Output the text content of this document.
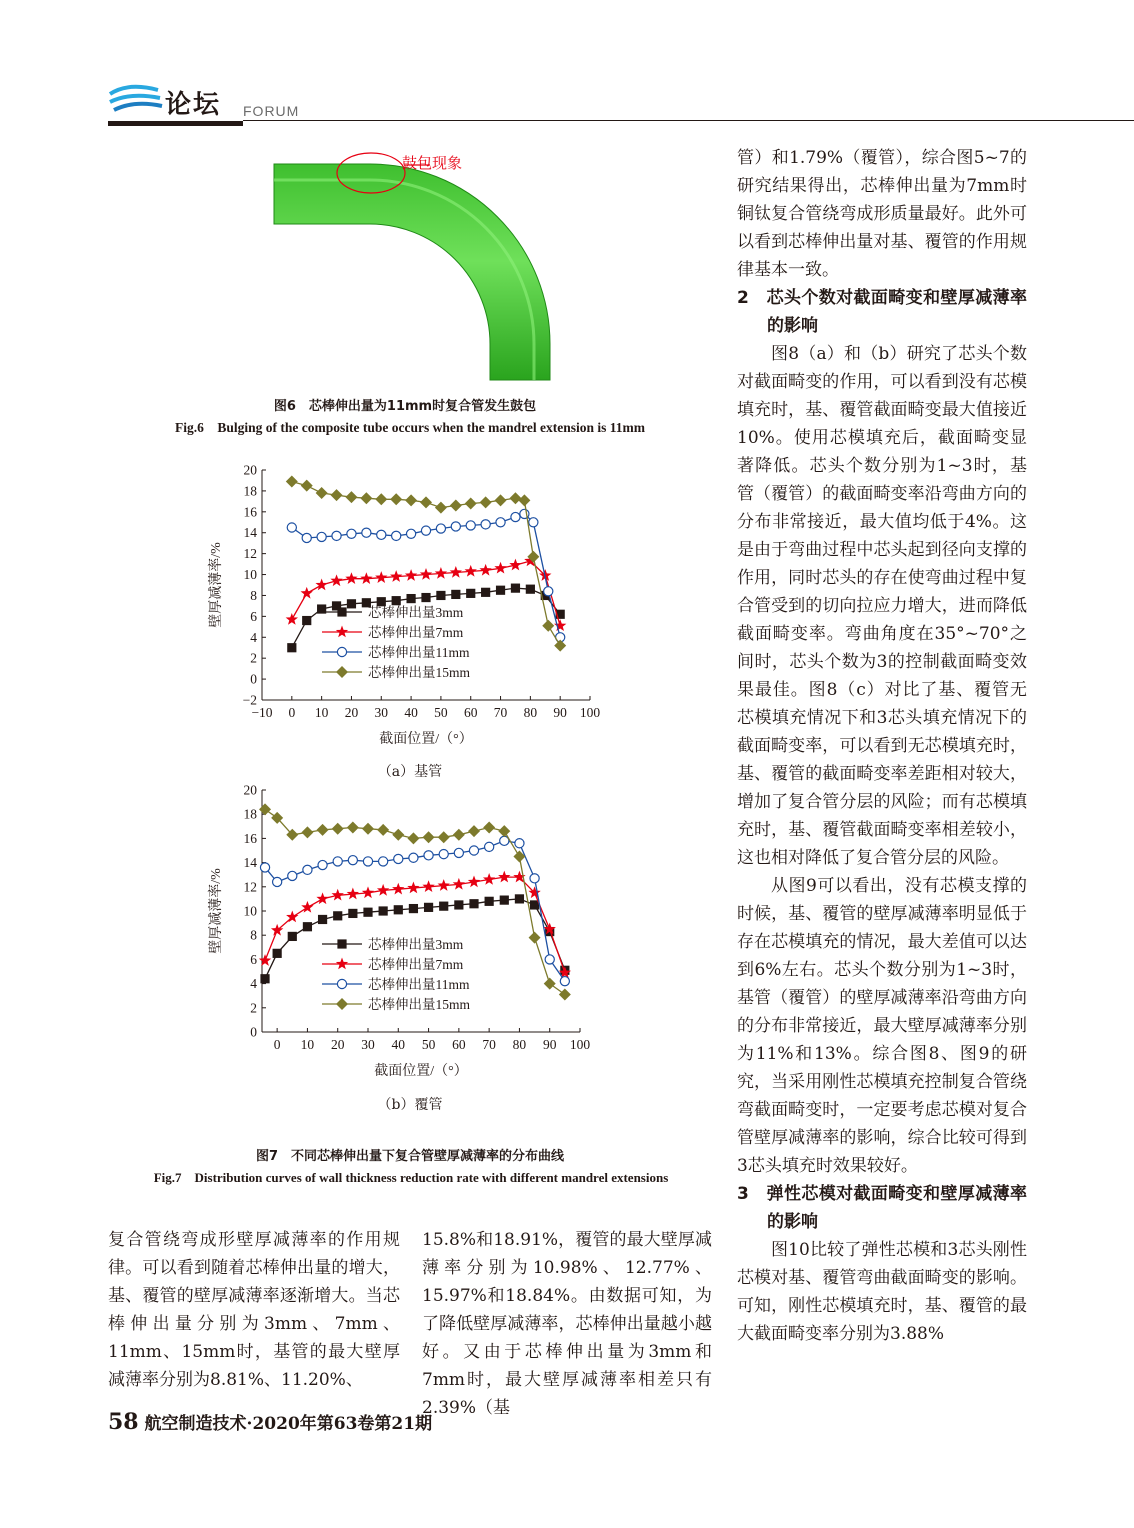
论坛 FORUM
鼓包现象
图6　芯棒伸出量为11mm时复合管发生鼓包
Fig.6　Bulging of the composite tube occurs when the mandrel extension is 11mm
−2
0
2
4
6
8
10
12
14
16
18
20
−10 0 10 20 30 40 50 60 70 80 90 100
截面位置/（°）
壁厚减薄率/%	芯棒伸出量3mm
芯棒伸出量7mm
芯棒伸出量11mm
芯棒伸出量15mm
（a）基管
0
2
4
6
8
10
12
14
16
18
20
0 10 20 30 40 50 60 70 80 90 100
截面位置/（°）
壁厚减薄率/%	芯棒伸出量3mm
芯棒伸出量7mm
芯棒伸出量11mm
芯棒伸出量15mm
（b）覆管
图7　不同芯棒伸出量下复合管壁厚减薄率的分布曲线
Fig.7　Distribution curves of wall thickness reduction rate with different mandrel extensions

复合管绕弯成形壁厚减薄率的作用规律。可以看到随着芯棒伸出量的增大，基、覆管的壁厚减薄率逐渐增大。当芯棒伸出量分别为3mm、7mm、11mm、15mm时，基管的最大壁厚减薄率分别为8.81%、11.20%、

15.8%和18.91%，覆管的最大壁厚减薄率分别为10.98%、12.77%、15.97%和18.84%。由数据可知，为了降低壁厚减薄率，芯棒伸出量越小越好。又由于芯棒伸出量为3mm和7mm时，最大壁厚减薄率相差只有2.39%（基

管）和1.79%（覆管），综合图5~7的研究结果得出，芯棒伸出量为7mm时铜钛复合管绕弯成形质量最好。此外可以看到芯棒伸出量对基、覆管的作用规律基本一致。

2　芯头个数对截面畸变和壁厚减薄率的影响

图8（a）和（b）研究了芯头个数对截面畸变的作用，可以看到没有芯模填充时，基、覆管截面畸变最大值接近10%。使用芯模填充后，截面畸变显著降低。芯头个数分别为1~3时，基管（覆管）的截面畸变率沿弯曲方向的分布非常接近，最大值均低于4%。这是由于弯曲过程中芯头起到径向支撑的作用，同时芯头的存在使弯曲过程中复合管受到的切向拉应力增大，进而降低截面畸变率。弯曲角度在35°~70°之间时，芯头个数为3的控制截面畸变效果最佳。图8（c）对比了基、覆管无芯模填充情况下和3芯头填充情况下的截面畸变率，可以看到无芯模填充时，基、覆管的截面畸变率差距相对较大，增加了复合管分层的风险；而有芯模填充时，基、覆管截面畸变率相差较小，这也相对降低了复合管分层的风险。

从图9可以看出，没有芯模支撑的时候，基、覆管的壁厚减薄率明显低于存在芯模填充的情况，最大差值可以达到6%左右。芯头个数分别为1~3时，基管（覆管）的壁厚减薄率沿弯曲方向的分布非常接近，最大壁厚减薄率分别为11%和13%。综合图8、图9的研究，当采用刚性芯模填充控制复合管绕弯截面畸变时，一定要考虑芯模对复合管壁厚减薄率的影响，综合比较可得到3芯头填充时效果较好。

3　弹性芯模对截面畸变和壁厚减薄率的影响

图10比较了弹性芯模和3芯头刚性芯模对基、覆管弯曲截面畸变的影响。可知，刚性芯模填充时，基、覆管的最大截面畸变率分别为3.88%

58 航空制造技术·2020年第63卷第21期
